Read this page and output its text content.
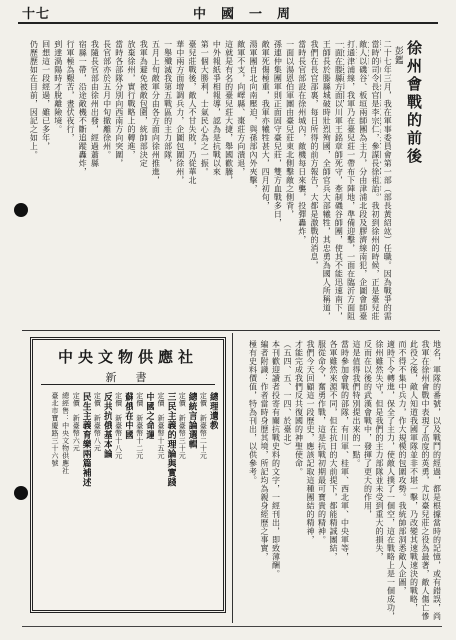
十七	中　國　一　周
徐州會戰的前後
彭鑑
二十七年三月，我在軍事委員會第一部（部長黃紹竑）任職。因為戰爭的需
當時的司令長官是李宗仁，參謀長徐祖詒。我初到徐州的時候，正是臺兒莊
敵人以磯谷、板垣兩師團為主力，分由津浦北段及膠濟線南犯，企圖會師臺
打通津浦線，我軍乃在臺兒莊一帶布下陣地，準備迎擊，一面在臨沂方面阻
一面在滕縣方面以川軍王銘章師死守，牽制磯谷師團，使其不能迅速南下，
王師長於滕縣城破時壯烈殉國，全師官兵大部犧牲，其忠勇為國人所稱道，
我們在長官部裏，每日所得的前方報告，大都是激戰的消息，
當時長官部設在徐州城內，敵機每日來襲，投彈轟炸，
一面以湯恩伯軍團由臺兒莊東北側擊敵之側背，
孫連仲集團軍則正面固守臺兒莊，雙方血戰多日，
敵軍死傷極重，我軍亦犧牲甚大，四月初旬，
湯軍團自北向南壓迫，與孫部內外夾擊，
敵軍不支，向嶧縣、棗莊方向潰退，
這就是有名的臺兒莊大捷，舉國歡騰，
中外報紙爭相報導，認為是抗戰以來
第一個大勝利，士氣民心為之一振。
臺兒莊戰後，敵人不甘失敗，乃從華北
華中兩方面增調兵力，企圖包圍徐州，
一舉殲滅我第五戰區的主力部隊，
五月上旬敵軍分由各方面向徐州推進，
我軍為避免被敵包圍，統帥部決定
放棄徐州，實行戰略上的轉進，
當時各部隊分別向西南方向突圍，
長官部亦於五月中旬撤離徐州。
我隨長官部由徐州出發，經過蕭縣
宿縣一帶，沿途敵機不斷追蹤轟炸，
行軍極為艱苦，晝伏夜行，
到達渦陽時才脫離險境。
回想這一段經過，雖已多年，
仍歷歷如在目前，因記之如上。
地名，軍隊的番號，以及戰鬥的經過，都是根據當時的記憶，或有錯誤，尚
我軍在徐州會戰中表現了高度的英勇，尤以臺兒莊之役為最著，敵人傷亡慘
此役之後，敵人知道我國軍隊並非不堪一擊，乃改變其速戰速決的戰略，
而不得不集中兵力，作大規模的包圍攻勢。我統帥部洞悉敵人企圖，
適時下令轉進，保全了主力，使敵人撲了一個空，這在戰略上是一個成功，
徐州雖然失守，但是我們的主力部隊並未受到重大的損失，
反而在以後的武漢會戰中，發揮了更大的作用，
這是值得我們特別提出來的一點。
當時參加會戰的部隊，有川軍、桂軍、西北軍、中央軍等，
各軍雖然來源不同，但在抗日的大前提下，都能精誠團結，
服從命令，奮勇作戰，這是抗戰初期最可寶貴的精神。
我們今天回顧這一段歷史，應該記取這種團結的精神，
才能完成我們反共復國的神聖使命。
（五四、五、一四、於臺北）
本刊歡迎讀者投寄有關抗戰史料的文字，一經刊出，即致薄酬。
編者附識：作者當時身歷其境，所記均為親身經歷之事實，
極有史料價值，特為刊出，以供參考。
中央文物供應社
新　書
總理遺教
定價　新臺幣二十元
總統言論選輯
定價　新臺幣三十元
三民主義的理論與實踐
定價　新臺幣十五元
中國之命運
定價　新臺幣十二元
蘇俄在中國
定價　新臺幣十八元
反共抗俄基本論
定價　新臺幣八元
民生主義育樂兩篇補述
定價　新臺幣六元
總經售：中央文物供應社
臺北市寶慶路三十六號
